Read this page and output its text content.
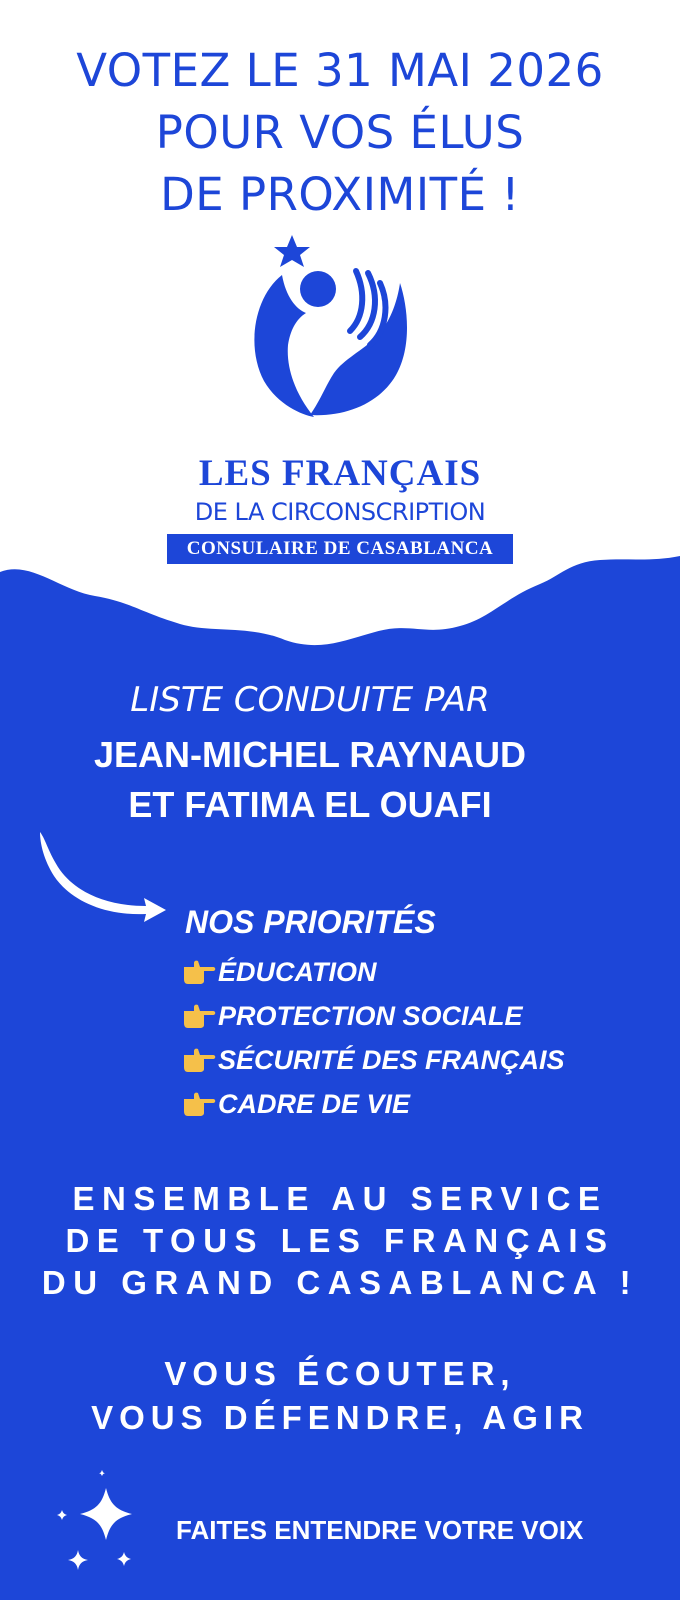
VOTEZ LE 31 MAI 2026
POUR VOS ÉLUS
DE PROXIMITÉ !
LES FRANÇAIS
DE LA CIRCONSCRIPTION
CONSULAIRE DE CASABLANCA
LISTE CONDUITE PAR
JEAN-MICHEL RAYNAUD
ET FATIMA EL OUAFI
NOS PRIORITÉS
ÉDUCATION
PROTECTION SOCIALE
SÉCURITÉ DES FRANÇAIS
CADRE DE VIE
ENSEMBLE AU SERVICE
DE TOUS LES FRANÇAIS
DU GRAND CASABLANCA !
VOUS ÉCOUTER,
VOUS DÉFENDRE, AGIR
FAITES ENTENDRE VOTRE VOIX
